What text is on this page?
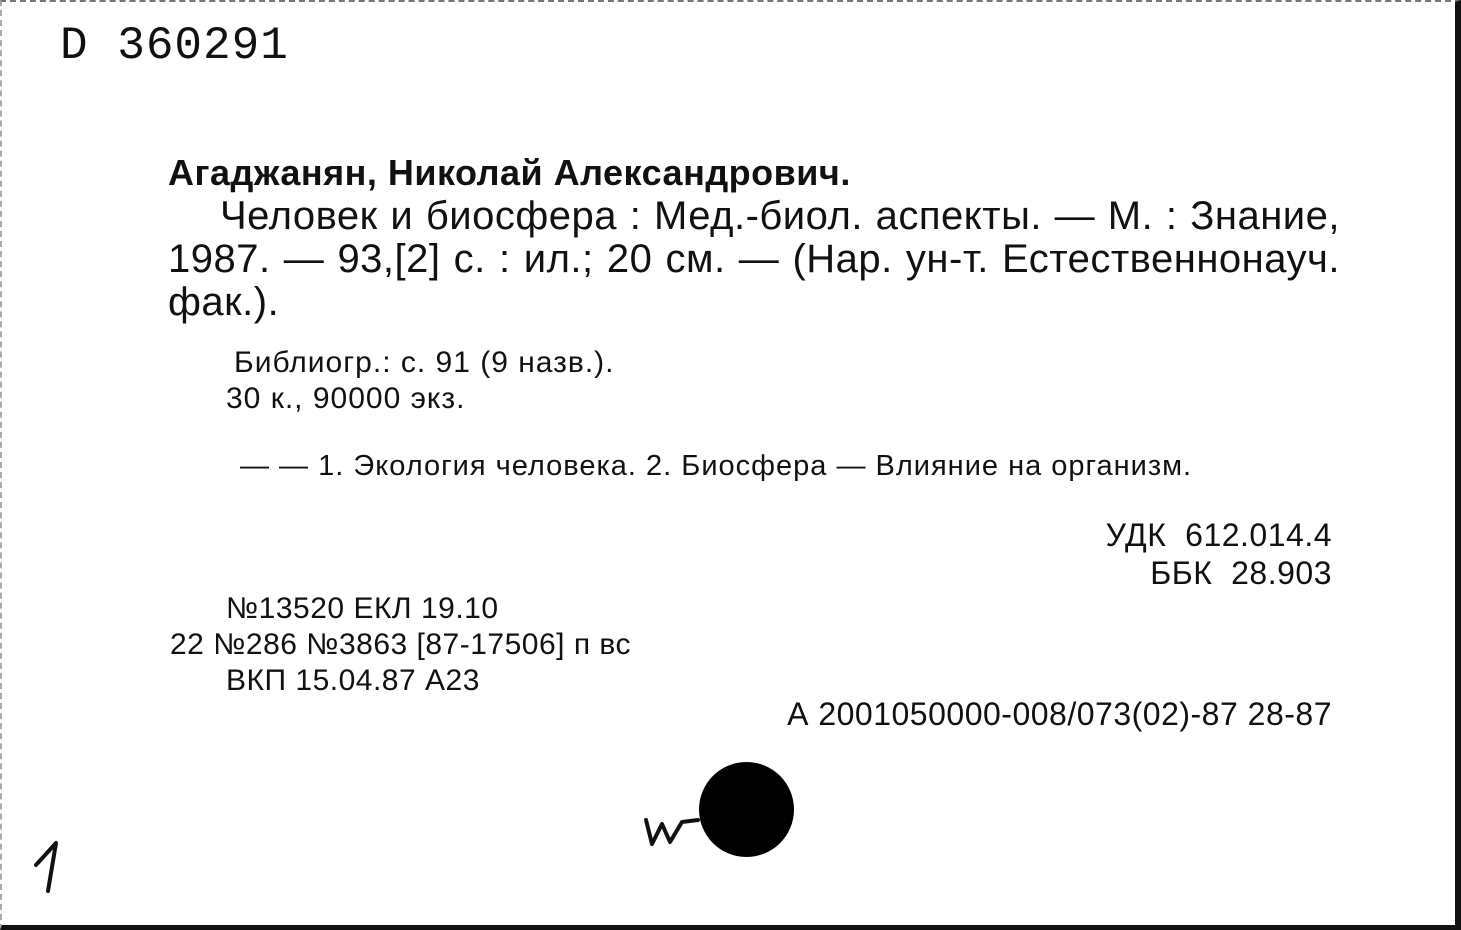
D 360291
Агаджанян, Николай Александрович.
Человек и биосфера : Мед.-биол. аспекты. — М. : Знание, 1987. — 93,[2] с. : ил.; 20 см. — (Нар. ун-т. Естественнонауч. фак.).
Библиогр.: с. 91 (9 назв.).
30 к., 90000 экз.
— — 1. Экология человека. 2. Биосфера — Влияние на организм.
УДК  612.014.4
ББК  28.903
№13520 ЕКЛ 19.10
22 №286 №3863 [87-17506] п вс
ВКП 15.04.87 А23
А 2001050000-008/073(02)-87 28-87
